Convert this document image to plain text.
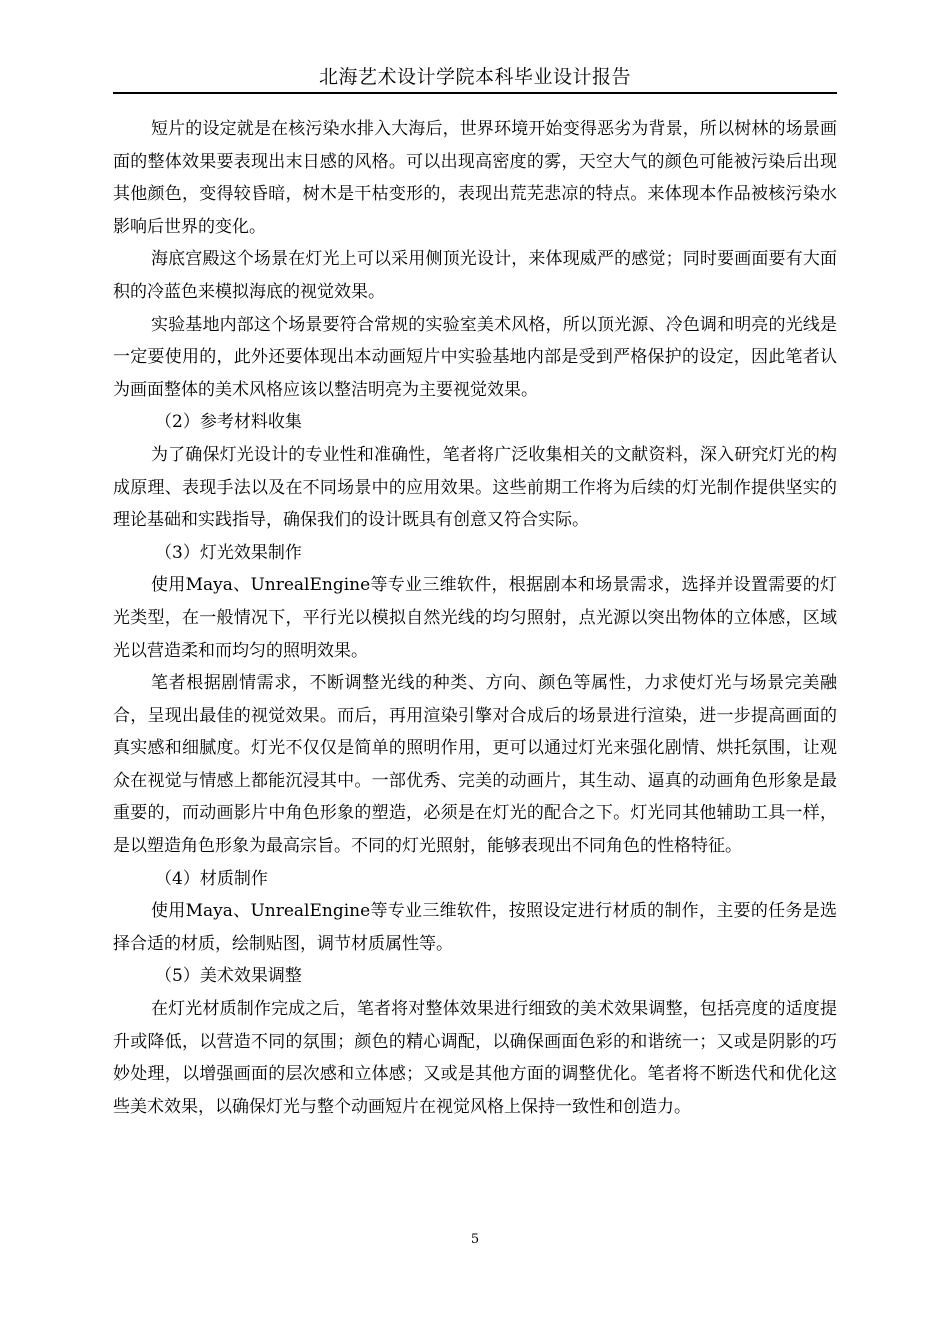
北海艺术设计学院本科毕业设计报告

短片的设定就是在核污染水排入大海后，世界环境开始变得恶劣为背景，所以树林的场景画面的整体效果要表现出末日感的风格。可以出现高密度的雾，天空大气的颜色可能被污染后出现其他颜色，变得较昏暗，树木是干枯变形的，表现出荒芜悲凉的特点。来体现本作品被核污染水影响后世界的变化。

海底宫殿这个场景在灯光上可以采用侧顶光设计，来体现威严的感觉；同时要画面要有大面积的冷蓝色来模拟海底的视觉效果。

实验基地内部这个场景要符合常规的实验室美术风格，所以顶光源、冷色调和明亮的光线是一定要使用的，此外还要体现出本动画短片中实验基地内部是受到严格保护的设定，因此笔者认为画面整体的美术风格应该以整洁明亮为主要视觉效果。

（2）参考材料收集

为了确保灯光设计的专业性和准确性，笔者将广泛收集相关的文献资料，深入研究灯光的构成原理、表现手法以及在不同场景中的应用效果。这些前期工作将为后续的灯光制作提供坚实的理论基础和实践指导，确保我们的设计既具有创意又符合实际。

（3）灯光效果制作

使用Maya、UnrealEngine等专业三维软件，根据剧本和场景需求，选择并设置需要的灯光类型，在一般情况下，平行光以模拟自然光线的均匀照射，点光源以突出物体的立体感，区域光以营造柔和而均匀的照明效果。

笔者根据剧情需求，不断调整光线的种类、方向、颜色等属性，力求使灯光与场景完美融合，呈现出最佳的视觉效果。而后，再用渲染引擎对合成后的场景进行渲染，进一步提高画面的真实感和细腻度。灯光不仅仅是简单的照明作用，更可以通过灯光来强化剧情、烘托氛围，让观众在视觉与情感上都能沉浸其中。一部优秀、完美的动画片，其生动、逼真的动画角色形象是最重要的，而动画影片中角色形象的塑造，必须是在灯光的配合之下。灯光同其他辅助工具一样，是以塑造角色形象为最高宗旨。不同的灯光照射，能够表现出不同角色的性格特征。

（4）材质制作

使用Maya、UnrealEngine等专业三维软件，按照设定进行材质的制作，主要的任务是选择合适的材质，绘制贴图，调节材质属性等。

（5）美术效果调整

在灯光材质制作完成之后，笔者将对整体效果进行细致的美术效果调整，包括亮度的适度提升或降低，以营造不同的氛围；颜色的精心调配，以确保画面色彩的和谐统一；又或是阴影的巧妙处理，以增强画面的层次感和立体感；又或是其他方面的调整优化。笔者将不断迭代和优化这些美术效果，以确保灯光与整个动画短片在视觉风格上保持一致性和创造力。

5
